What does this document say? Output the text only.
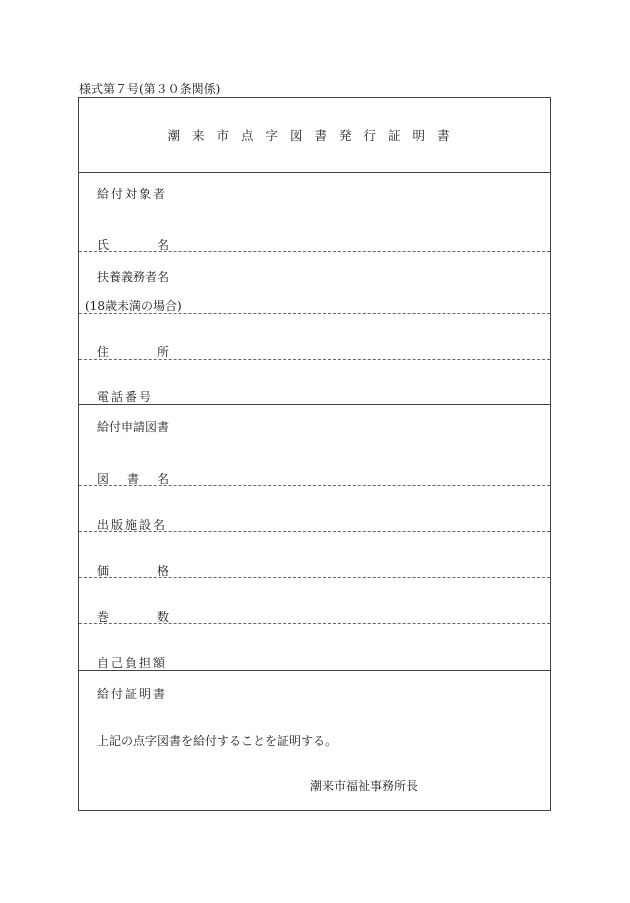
様式第７号(第３０条関係)
潮来市点字図書発行証明書
給付対象者
氏	名
扶養義務者名
(18歳未満の場合)
住	所
電話番号
給付申請図書
図 書 名
出版施設名
価	格
巻	数
自己負担額
給付証明書
上記の点字図書を給付することを証明する。
潮来市福祉事務所長
